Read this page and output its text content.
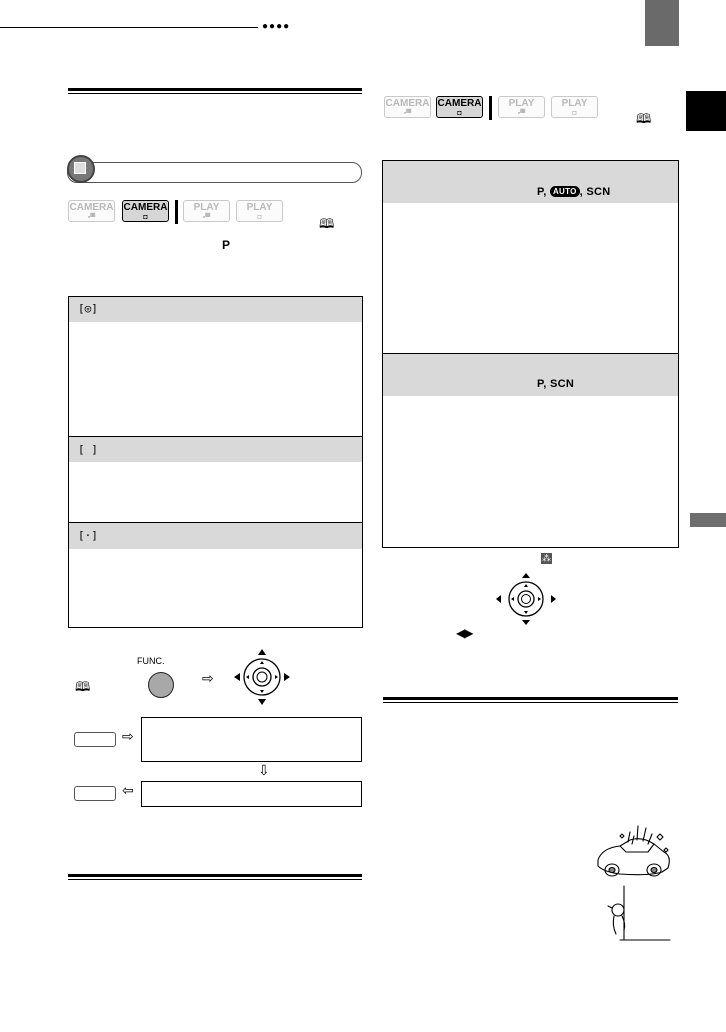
●●●●
CAMERA
▪▀
CAMERA
◘
PLAY
▪▀
PLAY
◘	🕮
P
[◎]
[ ]
[·]
🕮
FUNC.
⇨
⇨
⇩
⇦
CAMERA
▪▀
CAMERA
◘
PLAY
▪▀
PLAY
◘	🕮
P, AUTO , SCN
P, SCN
⁂
◀▶
